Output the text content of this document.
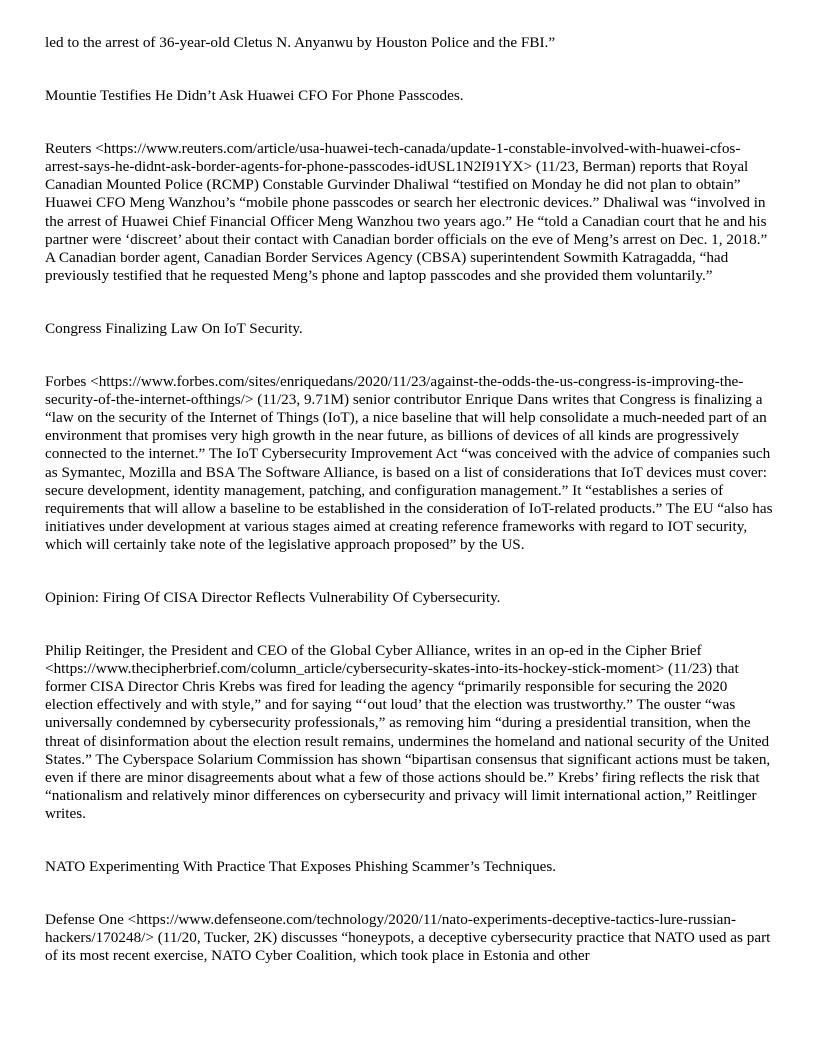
led to the arrest of 36-year-old Cletus N. Anyanwu by Houston Police and the FBI.”

Mountie Testifies He Didn’t Ask Huawei CFO For Phone Passcodes.

Reuters <https://www.reuters.com/article/usa-huawei-tech-canada/update-1-constable-involved-with-huawei-cfos-arrest-says-he-didnt-ask-border-agents-for-phone-passcodes-idUSL1N2I91YX> (11/23, Berman) reports that Royal Canadian Mounted Police (RCMP) Constable Gurvinder Dhaliwal “testified on Monday he did not plan to obtain” Huawei CFO Meng Wanzhou’s “mobile phone passcodes or search her electronic devices.” Dhaliwal was “involved in the arrest of Huawei Chief Financial Officer Meng Wanzhou two years ago.” He “told a Canadian court that he and his partner were ‘discreet’ about their contact with Canadian border officials on the eve of Meng’s arrest on Dec. 1, 2018.” A Canadian border agent, Canadian Border Services Agency (CBSA) superintendent Sowmith Katragadda, “had previously testified that he requested Meng’s phone and laptop passcodes and she provided them voluntarily.”

Congress Finalizing Law On IoT Security.

Forbes <https://www.forbes.com/sites/enriquedans/2020/11/23/against-the-odds-the-us-congress-is-improving-the-security-of-the-internet-ofthings/> (11/23, 9.71M) senior contributor Enrique Dans writes that Congress is finalizing a “law on the security of the Internet of Things (IoT), a nice baseline that will help consolidate a much-needed part of an environment that promises very high growth in the near future, as billions of devices of all kinds are progressively connected to the internet.” The IoT Cybersecurity Improvement Act “was conceived with the advice of companies such as Symantec, Mozilla and BSA The Software Alliance, is based on a list of considerations that IoT devices must cover: secure development, identity management, patching, and configuration management.” It “establishes a series of requirements that will allow a baseline to be established in the consideration of IoT-related products.” The EU “also has initiatives under development at various stages aimed at creating reference frameworks with regard to IOT security, which will certainly take note of the legislative approach proposed” by the US.

Opinion: Firing Of CISA Director Reflects Vulnerability Of Cybersecurity.

Philip Reitinger, the President and CEO of the Global Cyber Alliance, writes in an op-ed in the Cipher Brief <https://www.thecipherbrief.com/column_article/cybersecurity-skates-into-its-hockey-stick-moment> (11/23) that former CISA Director Chris Krebs was fired for leading the agency “primarily responsible for securing the 2020 election effectively and with style,” and for saying “‘out loud’ that the election was trustworthy.” The ouster “was universally condemned by cybersecurity professionals,” as removing him “during a presidential transition, when the threat of disinformation about the election result remains, undermines the homeland and national security of the United States.” The Cyberspace Solarium Commission has shown “bipartisan consensus that significant actions must be taken, even if there are minor disagreements about what a few of those actions should be.” Krebs’ firing reflects the risk that “nationalism and relatively minor differences on cybersecurity and privacy will limit international action,” Reitlinger writes.

NATO Experimenting With Practice That Exposes Phishing Scammer’s Techniques.

Defense One <https://www.defenseone.com/technology/2020/11/nato-experiments-deceptive-tactics-lure-russian-hackers/170248/> (11/20, Tucker, 2K) discusses “honeypots, a deceptive cybersecurity practice that NATO used as part of its most recent exercise, NATO Cyber Coalition, which took place in Estonia and other
